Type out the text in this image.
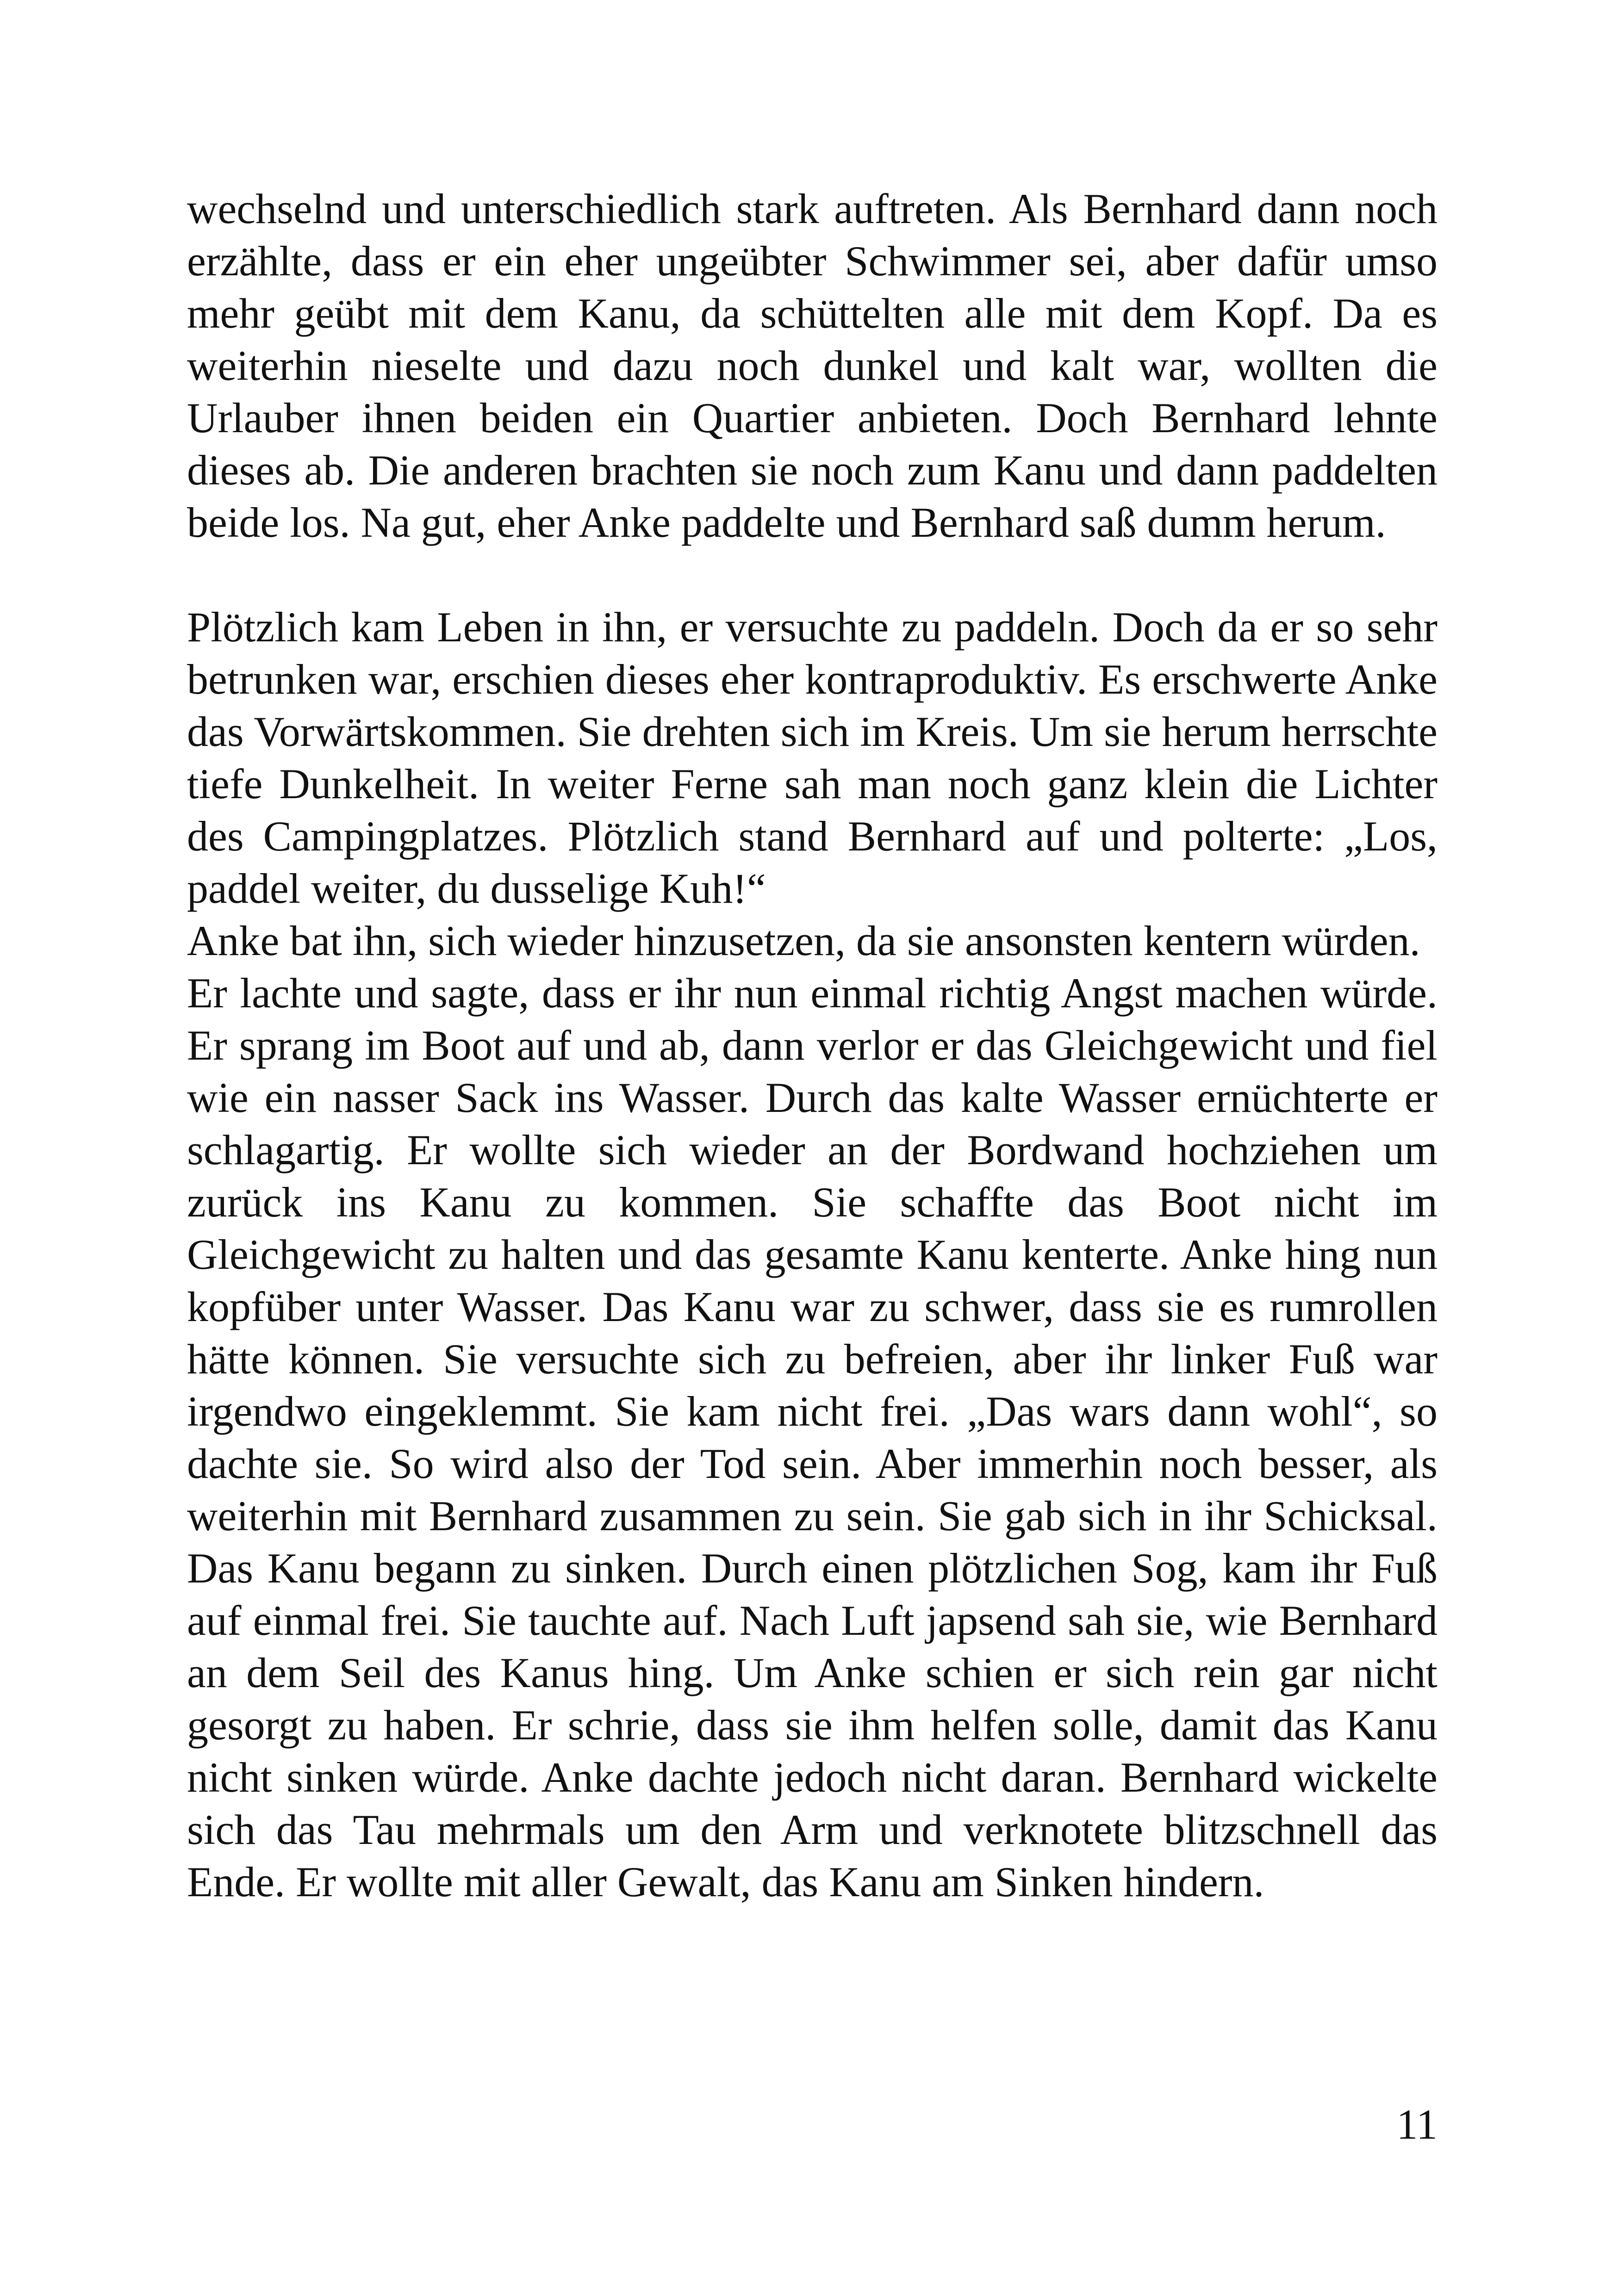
wechselnd und unterschiedlich stark auftreten. Als Bernhard dann noch erzählte, dass er ein eher ungeübter Schwimmer sei, aber dafür umso mehr geübt mit dem Kanu, da schüttelten alle mit dem Kopf. Da es weiterhin nieselte und dazu noch dunkel und kalt war, wollten die Urlauber ihnen beiden ein Quartier anbieten. Doch Bernhard lehnte dieses ab. Die anderen brachten sie noch zum Kanu und dann paddelten beide los. Na gut, eher Anke paddelte und Bernhard saß dumm herum.

Plötzlich kam Leben in ihn, er versuchte zu paddeln. Doch da er so sehr betrunken war, erschien dieses eher kontraproduktiv. Es erschwerte Anke das Vorwärtskommen. Sie drehten sich im Kreis. Um sie herum herrschte tiefe Dunkelheit. In weiter Ferne sah man noch ganz klein die Lichter des Campingplatzes. Plötzlich stand Bernhard auf und polterte: „Los, paddel weiter, du dusselige Kuh!“

Anke bat ihn, sich wieder hinzusetzen, da sie ansonsten kentern würden.

Er lachte und sagte, dass er ihr nun einmal richtig Angst machen würde. Er sprang im Boot auf und ab, dann verlor er das Gleichgewicht und fiel wie ein nasser Sack ins Wasser. Durch das kalte Wasser ernüchterte er schlagartig. Er wollte sich wieder an der Bordwand hochziehen um zurück ins Kanu zu kommen. Sie schaffte das Boot nicht im Gleichgewicht zu halten und das gesamte Kanu kenterte. Anke hing nun kopfüber unter Wasser. Das Kanu war zu schwer, dass sie es rumrollen hätte können. Sie versuchte sich zu befreien, aber ihr linker Fuß war irgendwo eingeklemmt. Sie kam nicht frei. „Das wars dann wohl“, so dachte sie. So wird also der Tod sein. Aber immerhin noch besser, als weiterhin mit Bernhard zusammen zu sein. Sie gab sich in ihr Schicksal. Das Kanu begann zu sinken. Durch einen plötzlichen Sog, kam ihr Fuß auf einmal frei. Sie tauchte auf. Nach Luft japsend sah sie, wie Bernhard an dem Seil des Kanus hing. Um Anke schien er sich rein gar nicht gesorgt zu haben. Er schrie, dass sie ihm helfen solle, damit das Kanu nicht sinken würde. Anke dachte jedoch nicht daran. Bernhard wickelte sich das Tau mehrmals um den Arm und verknotete blitzschnell das Ende. Er wollte mit aller Gewalt, das Kanu am Sinken hindern.

11
